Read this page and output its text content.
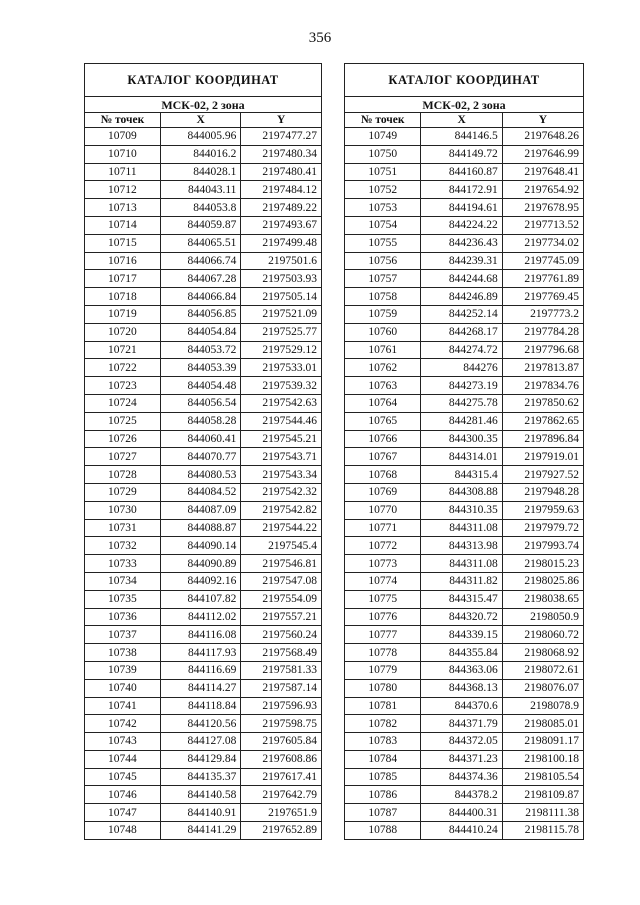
356
КАТАЛОГ КООРДИНАТ		
МСК-02, 2 зона		
№ точек	X	Y
10709	844005.96	2197477.27
10710	844016.2	2197480.34
10711	844028.1	2197480.41
10712	844043.11	2197484.12
10713	844053.8	2197489.22
10714	844059.87	2197493.67
10715	844065.51	2197499.48
10716	844066.74	2197501.6
10717	844067.28	2197503.93
10718	844066.84	2197505.14
10719	844056.85	2197521.09
10720	844054.84	2197525.77
10721	844053.72	2197529.12
10722	844053.39	2197533.01
10723	844054.48	2197539.32
10724	844056.54	2197542.63
10725	844058.28	2197544.46
10726	844060.41	2197545.21
10727	844070.77	2197543.71
10728	844080.53	2197543.34
10729	844084.52	2197542.32
10730	844087.09	2197542.82
10731	844088.87	2197544.22
10732	844090.14	2197545.4
10733	844090.89	2197546.81
10734	844092.16	2197547.08
10735	844107.82	2197554.09
10736	844112.02	2197557.21
10737	844116.08	2197560.24
10738	844117.93	2197568.49
10739	844116.69	2197581.33
10740	844114.27	2197587.14
10741	844118.84	2197596.93
10742	844120.56	2197598.75
10743	844127.08	2197605.84
10744	844129.84	2197608.86
10745	844135.37	2197617.41
10746	844140.58	2197642.79
10747	844140.91	2197651.9
10748	844141.29	2197652.89
КАТАЛОГ КООРДИНАТ		
МСК-02, 2 зона		
№ точек	X	Y
10749	844146.5	2197648.26
10750	844149.72	2197646.99
10751	844160.87	2197648.41
10752	844172.91	2197654.92
10753	844194.61	2197678.95
10754	844224.22	2197713.52
10755	844236.43	2197734.02
10756	844239.31	2197745.09
10757	844244.68	2197761.89
10758	844246.89	2197769.45
10759	844252.14	2197773.2
10760	844268.17	2197784.28
10761	844274.72	2197796.68
10762	844276	2197813.87
10763	844273.19	2197834.76
10764	844275.78	2197850.62
10765	844281.46	2197862.65
10766	844300.35	2197896.84
10767	844314.01	2197919.01
10768	844315.4	2197927.52
10769	844308.88	2197948.28
10770	844310.35	2197959.63
10771	844311.08	2197979.72
10772	844313.98	2197993.74
10773	844311.08	2198015.23
10774	844311.82	2198025.86
10775	844315.47	2198038.65
10776	844320.72	2198050.9
10777	844339.15	2198060.72
10778	844355.84	2198068.92
10779	844363.06	2198072.61
10780	844368.13	2198076.07
10781	844370.6	2198078.9
10782	844371.79	2198085.01
10783	844372.05	2198091.17
10784	844371.23	2198100.18
10785	844374.36	2198105.54
10786	844378.2	2198109.87
10787	844400.31	2198111.38
10788	844410.24	2198115.78
